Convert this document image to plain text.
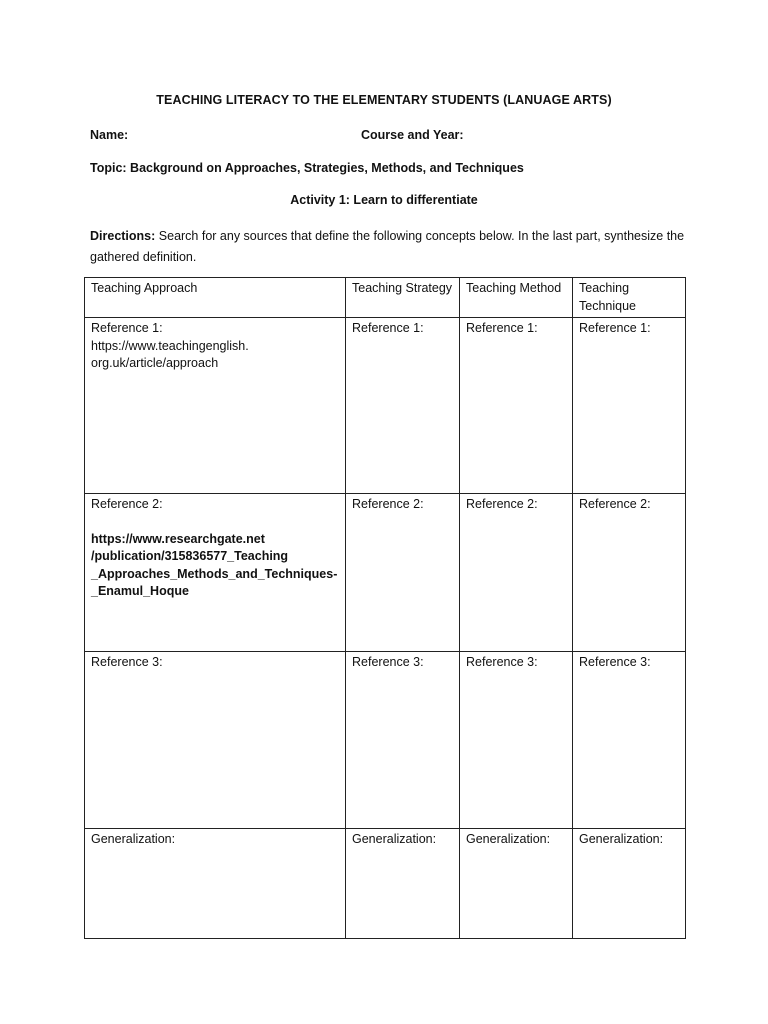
TEACHING LITERACY TO THE ELEMENTARY STUDENTS (LANUAGE ARTS)
Name:	Course and Year:
Topic: Background on Approaches, Strategies, Methods, and Techniques
Activity 1: Learn to differentiate
Directions: Search for any sources that define the following concepts below. In the last part, synthesize the gathered definition.
Teaching Approach	Teaching Strategy	Teaching Method	Teaching Technique

Reference 1:
https://www.teachingenglish.
org.uk/article/approach	Reference 1:	Reference 1:	Reference 1:

Reference 2:
https://www.researchgate.net
/publication/315836577_Teaching
_Approaches_Methods_and_Techniques-
_Enamul_Hoque	Reference 2:	Reference 2:	Reference 2:
Reference 3:	Reference 3:	Reference 3:	Reference 3:
Generalization:	Generalization:	Generalization:	Generalization:
